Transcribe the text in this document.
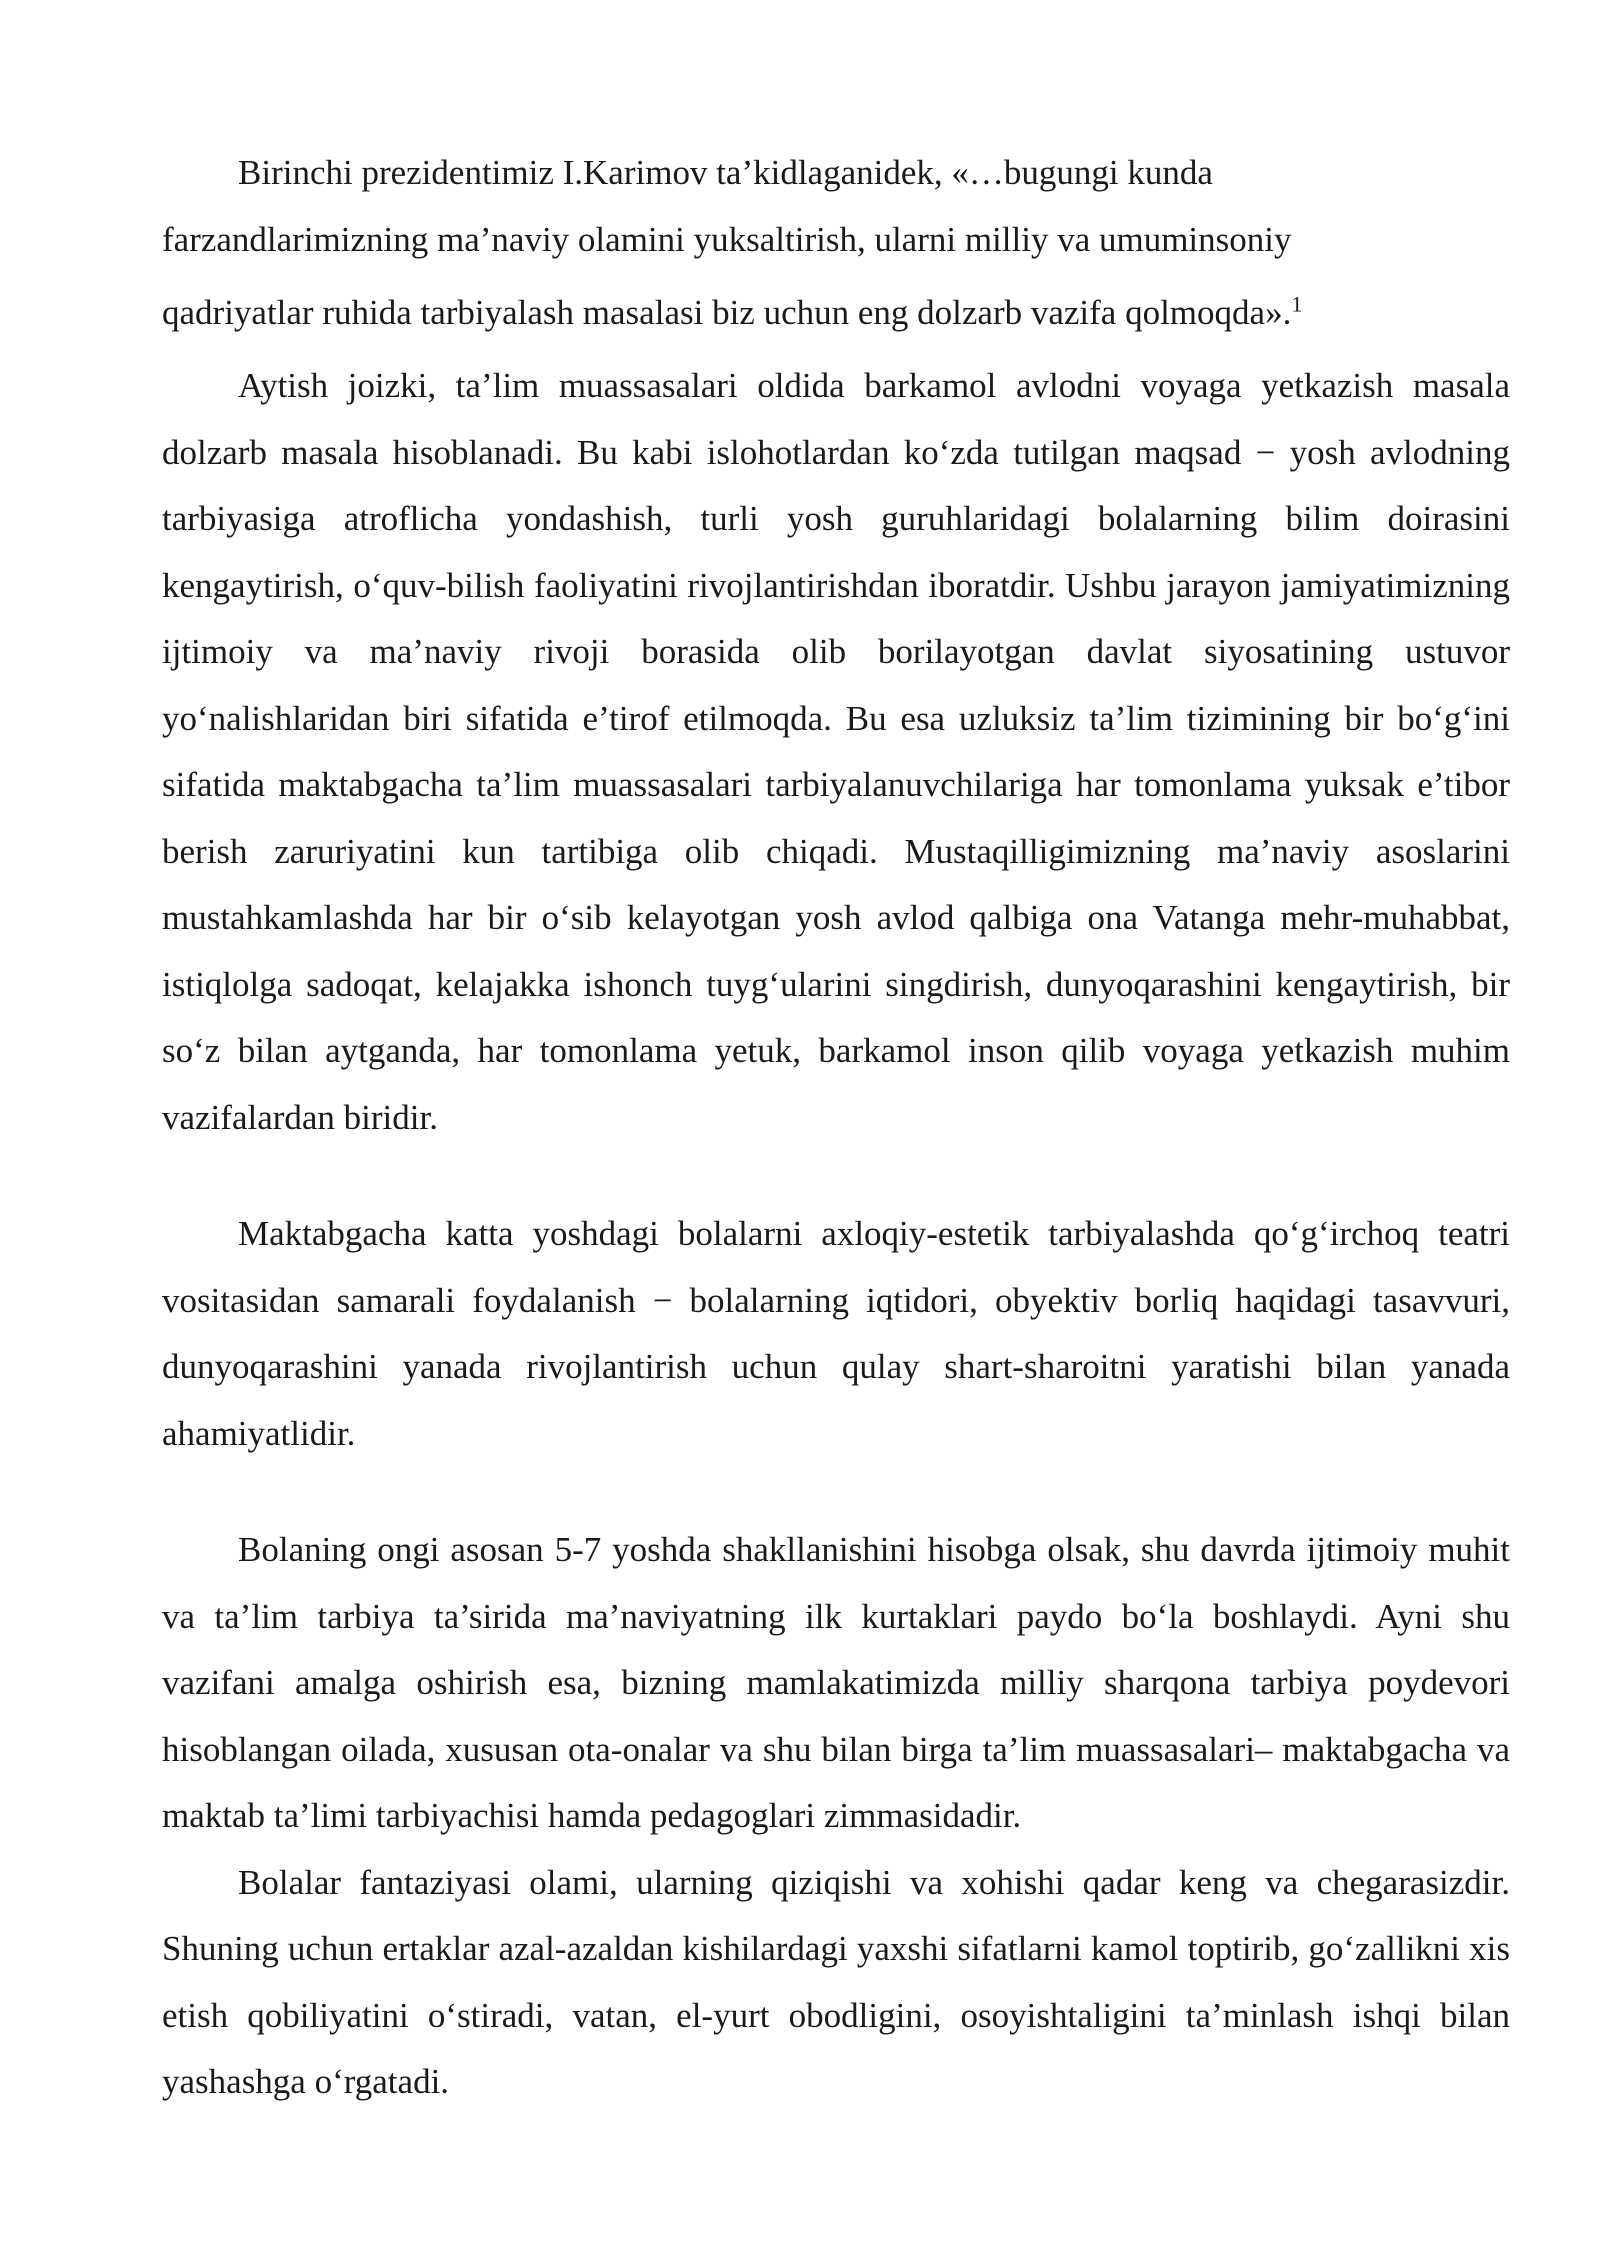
Birinchi prezidentimiz I.Karimov ta’kidlaganidek, «…bugungi kunda
farzandlarimizning ma’naviy olamini yuksaltirish, ularni milliy va umuminsoniy
qadriyatlar ruhida tarbiyalash masalasi biz uchun eng dolzarb vazifa qolmoqda».$^1$

Aytish joizki, ta’lim muassasalari oldida barkamol avlodni voyaga yetkazish masala dolzarb masala hisoblanadi. Bu kabi islohotlardan ko‘zda tutilgan maqsad − yosh avlodning tarbiyasiga atroflicha yondashish, turli yosh guruhlaridagi bolalarning bilim doirasini kengaytirish, o‘quv-bilish faoliyatini rivojlantirishdan iboratdir. Ushbu jarayon jamiyatimizning ijtimoiy va ma’naviy rivoji borasida olib borilayotgan davlat siyosatining ustuvor yo‘nalishlaridan biri sifatida e’tirof etilmoqda. Bu esa uzluksiz ta’lim tizimining bir bo‘g‘ini sifatida maktabgacha ta’lim muassasalari tarbiyalanuvchilariga har tomonlama yuksak e’tibor berish zaruriyatini kun tartibiga olib chiqadi. Mustaqilligimizning ma’naviy asoslarini mustahkamlashda har bir o‘sib kelayotgan yosh avlod qalbiga ona Vatanga mehr-muhabbat, istiqlolga sadoqat, kelajakka ishonch tuyg‘ularini singdirish, dunyoqarashini kengaytirish, bir so‘z bilan aytganda, har tomonlama yetuk, barkamol inson qilib voyaga yetkazish muhim vazifalardan biridir.

Maktabgacha katta yoshdagi bolalarni axloqiy-estetik tarbiyalashda qo‘g‘irchoq teatri vositasidan samarali foydalanish − bolalarning iqtidori, obyektiv borliq haqidagi tasavvuri, dunyoqarashini yanada rivojlantirish uchun qulay shart-sharoitni yaratishi bilan yanada ahamiyatlidir.

Bolaning ongi asosan 5-7 yoshda shakllanishini hisobga olsak, shu davrda ijtimoiy muhit va ta’lim tarbiya ta’sirida ma’naviyatning ilk kurtaklari paydo bo‘la boshlaydi. Ayni shu vazifani amalga oshirish esa, bizning mamlakatimizda milliy sharqona tarbiya poydevori hisoblangan oilada, xususan ota-onalar va shu bilan birga ta’lim muassasalari– maktabgacha va maktab ta’limi tarbiyachisi hamda pedagoglari zimmasidadir.

Bolalar fantaziyasi olami, ularning qiziqishi va xohishi qadar keng va chegarasizdir. Shuning uchun ertaklar azal-azaldan kishilardagi yaxshi sifatlarni kamol toptirib, go‘zallikni xis etish qobiliyatini o‘stiradi, vatan, el-yurt obodligini, osoyishtaligini ta’minlash ishqi bilan yashashga o‘rgatadi.
